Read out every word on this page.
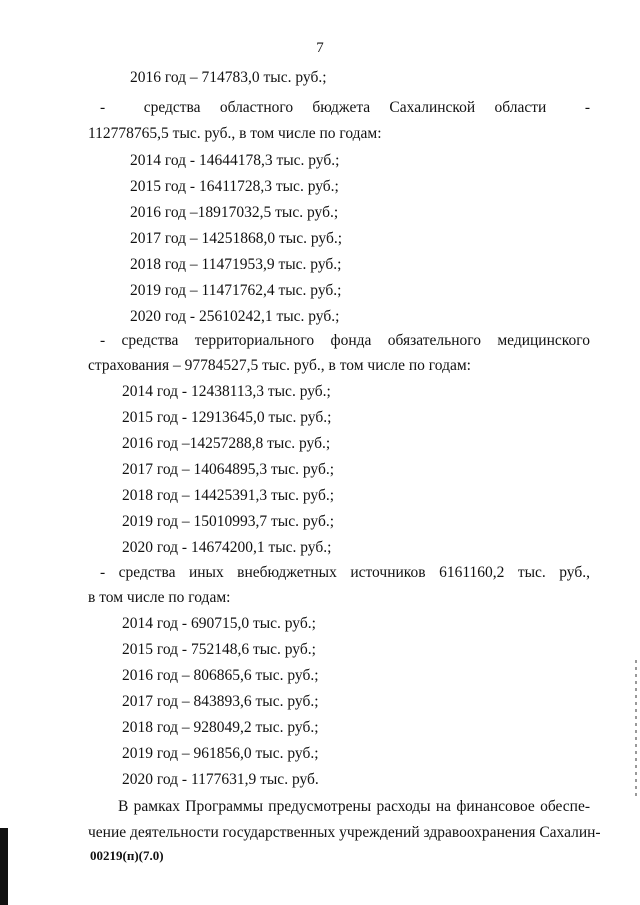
7
2016 год – 714783,0 тыс. руб.;
-  средства областного бюджета Сахалинской области  -
112778765,5 тыс. руб., в том числе по годам:
2014 год - 14644178,3 тыс. руб.;
2015 год - 16411728,3 тыс. руб.;
2016 год –18917032,5 тыс. руб.;
2017 год – 14251868,0 тыс. руб.;
2018 год – 11471953,9 тыс. руб.;
2019 год – 11471762,4 тыс. руб.;
2020 год - 25610242,1 тыс. руб.;
- средства территориального фонда обязательного медицинского
страхования – 97784527,5 тыс. руб., в том числе по годам:
2014 год - 12438113,3 тыс. руб.;
2015 год - 12913645,0 тыс. руб.;
2016 год –14257288,8 тыс. руб.;
2017 год – 14064895,3 тыс. руб.;
2018 год – 14425391,3 тыс. руб.;
2019 год – 15010993,7 тыс. руб.;
2020 год - 14674200,1 тыс. руб.;
- средства иных внебюджетных источников 6161160,2 тыс. руб.,
в том числе по годам:
2014 год - 690715,0 тыс. руб.;
2015 год - 752148,6 тыс. руб.;
2016 год – 806865,6 тыс. руб.;
2017 год – 843893,6 тыс. руб.;
2018 год – 928049,2 тыс. руб.;
2019 год – 961856,0 тыс. руб.;
2020 год - 1177631,9 тыс. руб.
В рамках Программы предусмотрены расходы на финансовое обеспе-
чение деятельности государственных учреждений здравоохранения Сахалин-
00219(п)(7.0)
